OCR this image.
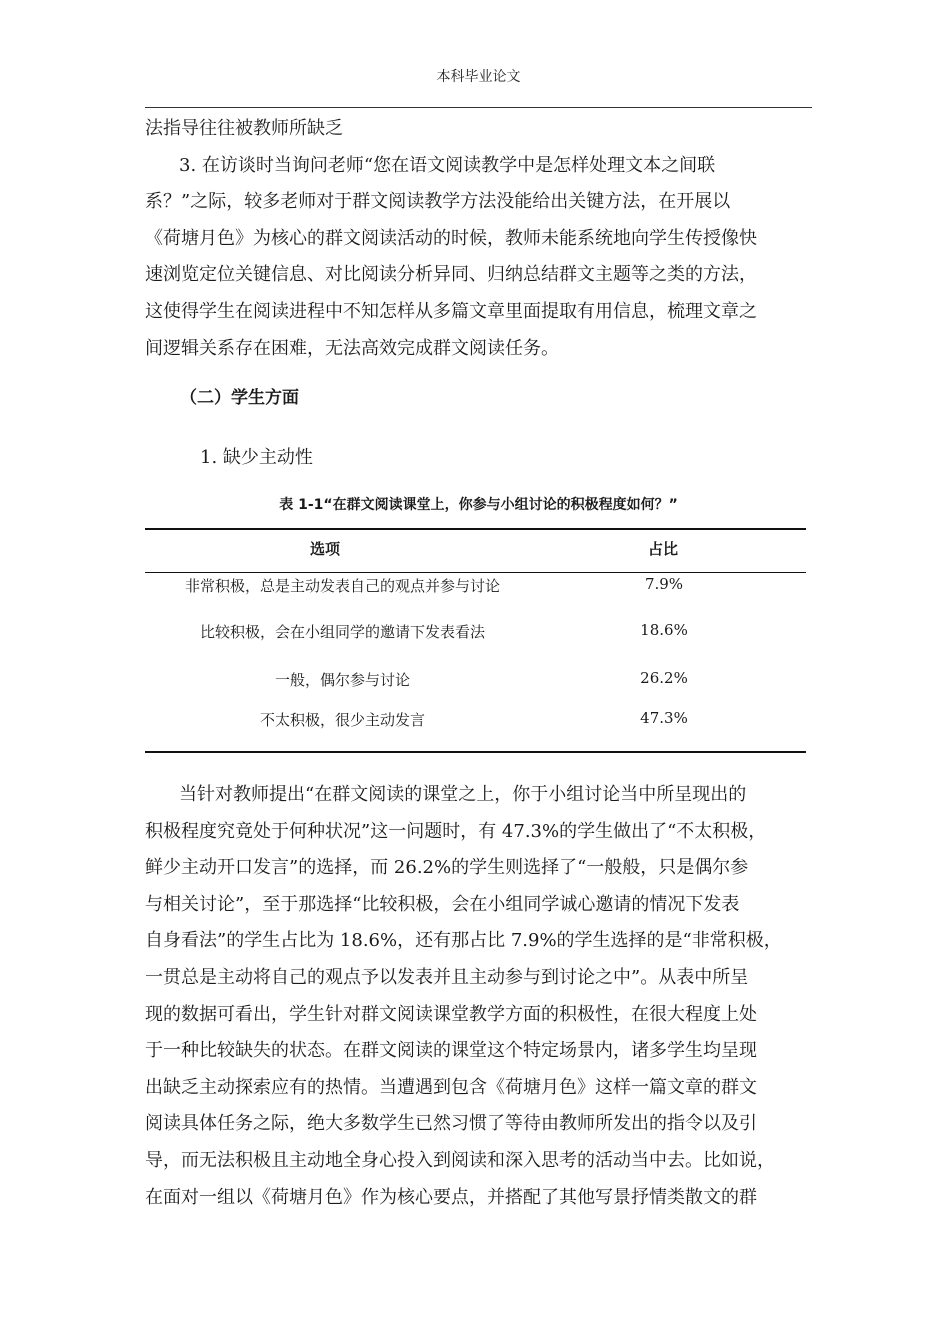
本科毕业论文
法指导往往被教师所缺乏
3. 在访谈时当询问老师“您在语文阅读教学中是怎样处理文本之间联
系？”之际，较多老师对于群文阅读教学方法没能给出关键方法，在开展以
《荷塘月色》为核心的群文阅读活动的时候，教师未能系统地向学生传授像快
速浏览定位关键信息、对比阅读分析异同、归纳总结群文主题等之类的方法，
这使得学生在阅读进程中不知怎样从多篇文章里面提取有用信息，梳理文章之
间逻辑关系存在困难，无法高效完成群文阅读任务。
（二）学生方面
1. 缺少主动性
表 1-1“在群文阅读课堂上，你参与小组讨论的积极程度如何？”
选项	占比
非常积极，总是主动发表自己的观点并参与讨论	7.9%
比较积极，会在小组同学的邀请下发表看法	18.6%
一般，偶尔参与讨论	26.2%
不太积极，很少主动发言	47.3%
当针对教师提出“在群文阅读的课堂之上，你于小组讨论当中所呈现出的
积极程度究竟处于何种状况”这一问题时，有 47.3%的学生做出了“不太积极，
鲜少主动开口发言”的选择，而 26.2%的学生则选择了“一般般，只是偶尔参
与相关讨论”，至于那选择“比较积极，会在小组同学诚心邀请的情况下发表
自身看法”的学生占比为 18.6%，还有那占比 7.9%的学生选择的是“非常积极，
一贯总是主动将自己的观点予以发表并且主动参与到讨论之中”。从表中所呈
现的数据可看出，学生针对群文阅读课堂教学方面的积极性，在很大程度上处
于一种比较缺失的状态。在群文阅读的课堂这个特定场景内，诸多学生均呈现
出缺乏主动探索应有的热情。当遭遇到包含《荷塘月色》这样一篇文章的群文
阅读具体任务之际，绝大多数学生已然习惯了等待由教师所发出的指令以及引
导，而无法积极且主动地全身心投入到阅读和深入思考的活动当中去。比如说，
在面对一组以《荷塘月色》作为核心要点，并搭配了其他写景抒情类散文的群
